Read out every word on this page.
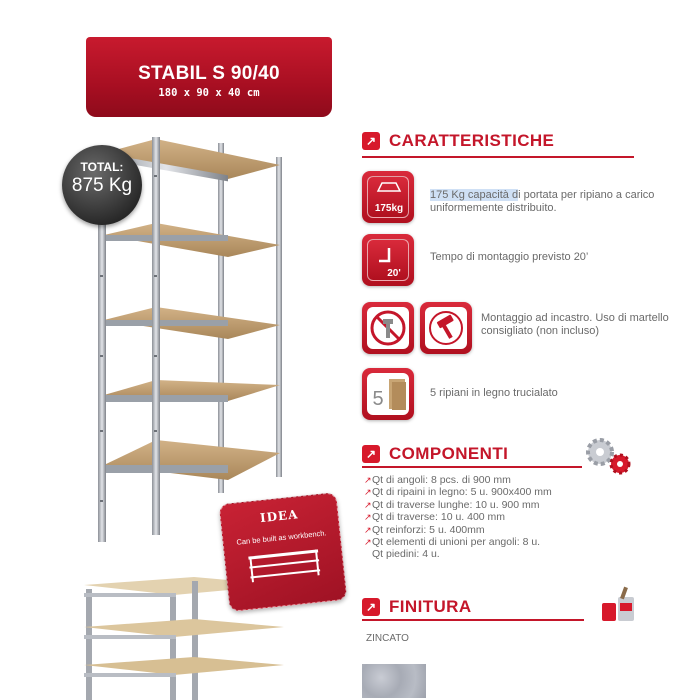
STABIL S 90/40
180 x 90 x 40 cm
TOTAL:
875 Kg
IDEA
Can be built as workbench.
↗ CARATTERISTICHE
175kg
175 Kg capacità di portata per ripiano a carico uniformemente distribuito.
20'
Tempo di montaggio previsto 20’
Montaggio ad incastro. Uso di martello consigliato (non incluso)
5	5 ripiani in legno trucialato
↗ COMPONENTI
↗ Qt di angoli: 8 pcs. di 900 mm
↗ Qt di ripaini in legno: 5 u. 900x400 mm
↗ Qt di traverse lunghe: 10 u. 900 mm
↗ Qt di traverse: 10 u. 400 mm
↗ Qt reinforzi: 5 u. 400mm
↗ Qt elementi di unioni per angoli: 8 u.
Qt piedini: 4 u.
↗ FINITURA
ZINCATO
